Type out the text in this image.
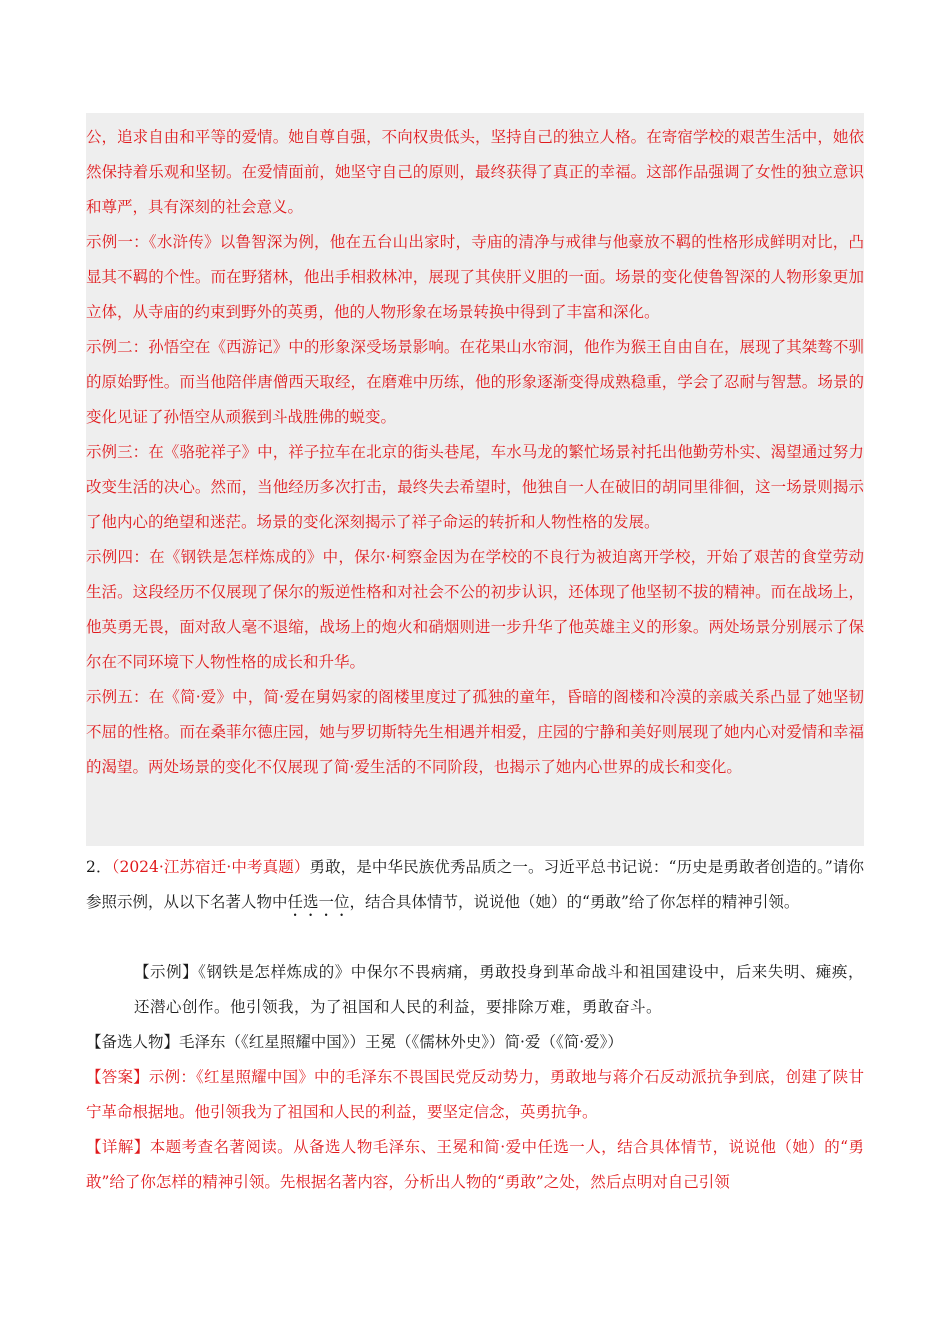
公，追求自由和平等的爱情。她自尊自强，不向权贵低头，坚持自己的独立人格。在寄宿学校的艰苦生活中，她依然保持着乐观和坚韧。在爱情面前，她坚守自己的原则，最终获得了真正的幸福。这部作品强调了女性的独立意识和尊严，具有深刻的社会意义。

示例一：《水浒传》以鲁智深为例，他在五台山出家时，寺庙的清净与戒律与他豪放不羁的性格形成鲜明对比，凸显其不羁的个性。而在野猪林，他出手相救林冲，展现了其侠肝义胆的一面。场景的变化使鲁智深的人物形象更加立体，从寺庙的约束到野外的英勇，他的人物形象在场景转换中得到了丰富和深化。

示例二：孙悟空在《西游记》中的形象深受场景影响。在花果山水帘洞，他作为猴王自由自在，展现了其桀骜不驯的原始野性。而当他陪伴唐僧西天取经，在磨难中历练，他的形象逐渐变得成熟稳重，学会了忍耐与智慧。场景的变化见证了孙悟空从顽猴到斗战胜佛的蜕变。

示例三：在《骆驼祥子》中，祥子拉车在北京的街头巷尾，车水马龙的繁忙场景衬托出他勤劳朴实、渴望通过努力改变生活的决心。然而，当他经历多次打击，最终失去希望时，他独自一人在破旧的胡同里徘徊，这一场景则揭示了他内心的绝望和迷茫。场景的变化深刻揭示了祥子命运的转折和人物性格的发展。

示例四：在《钢铁是怎样炼成的》中，保尔·柯察金因为在学校的不良行为被迫离开学校，开始了艰苦的食堂劳动生活。这段经历不仅展现了保尔的叛逆性格和对社会不公的初步认识，还体现了他坚韧不拔的精神。而在战场上，他英勇无畏，面对敌人毫不退缩，战场上的炮火和硝烟则进一步升华了他英雄主义的形象。两处场景分别展示了保尔在不同环境下人物性格的成长和升华。

示例五：在《简·爱》中，简·爱在舅妈家的阁楼里度过了孤独的童年，昏暗的阁楼和冷漠的亲戚关系凸显了她坚韧不屈的性格。而在桑菲尔德庄园，她与罗切斯特先生相遇并相爱，庄园的宁静和美好则展现了她内心对爱情和幸福的渴望。两处场景的变化不仅展现了简·爱生活的不同阶段，也揭示了她内心世界的成长和变化。

2．（2024·江苏宿迁·中考真题）勇敢，是中华民族优秀品质之一。习近平总书记说：“历史是勇敢者创造的。”请你参照示例，从以下名著人物中任选一位，结合具体情节，说说他（她）的“勇敢”给了你怎样的精神引领。

【示例】《钢铁是怎样炼成的》中保尔不畏病痛，勇敢投身到革命战斗和祖国建设中，后来失明、瘫痪，还潜心创作。他引领我，为了祖国和人民的利益，要排除万难，勇敢奋斗。

【备选人物】毛泽东（《红星照耀中国》）王冕（《儒林外史》）简·爱（《简·爱》）

【答案】示例：《红星照耀中国》中的毛泽东不畏国民党反动势力，勇敢地与蒋介石反动派抗争到底，创建了陕甘宁革命根据地。他引领我为了祖国和人民的利益，要坚定信念，英勇抗争。

【详解】本题考查名著阅读。从备选人物毛泽东、王冕和简·爱中任选一人，结合具体情节，说说他（她）的“勇敢”给了你怎样的精神引领。先根据名著内容，分析出人物的“勇敢”之处，然后点明对自己引领
